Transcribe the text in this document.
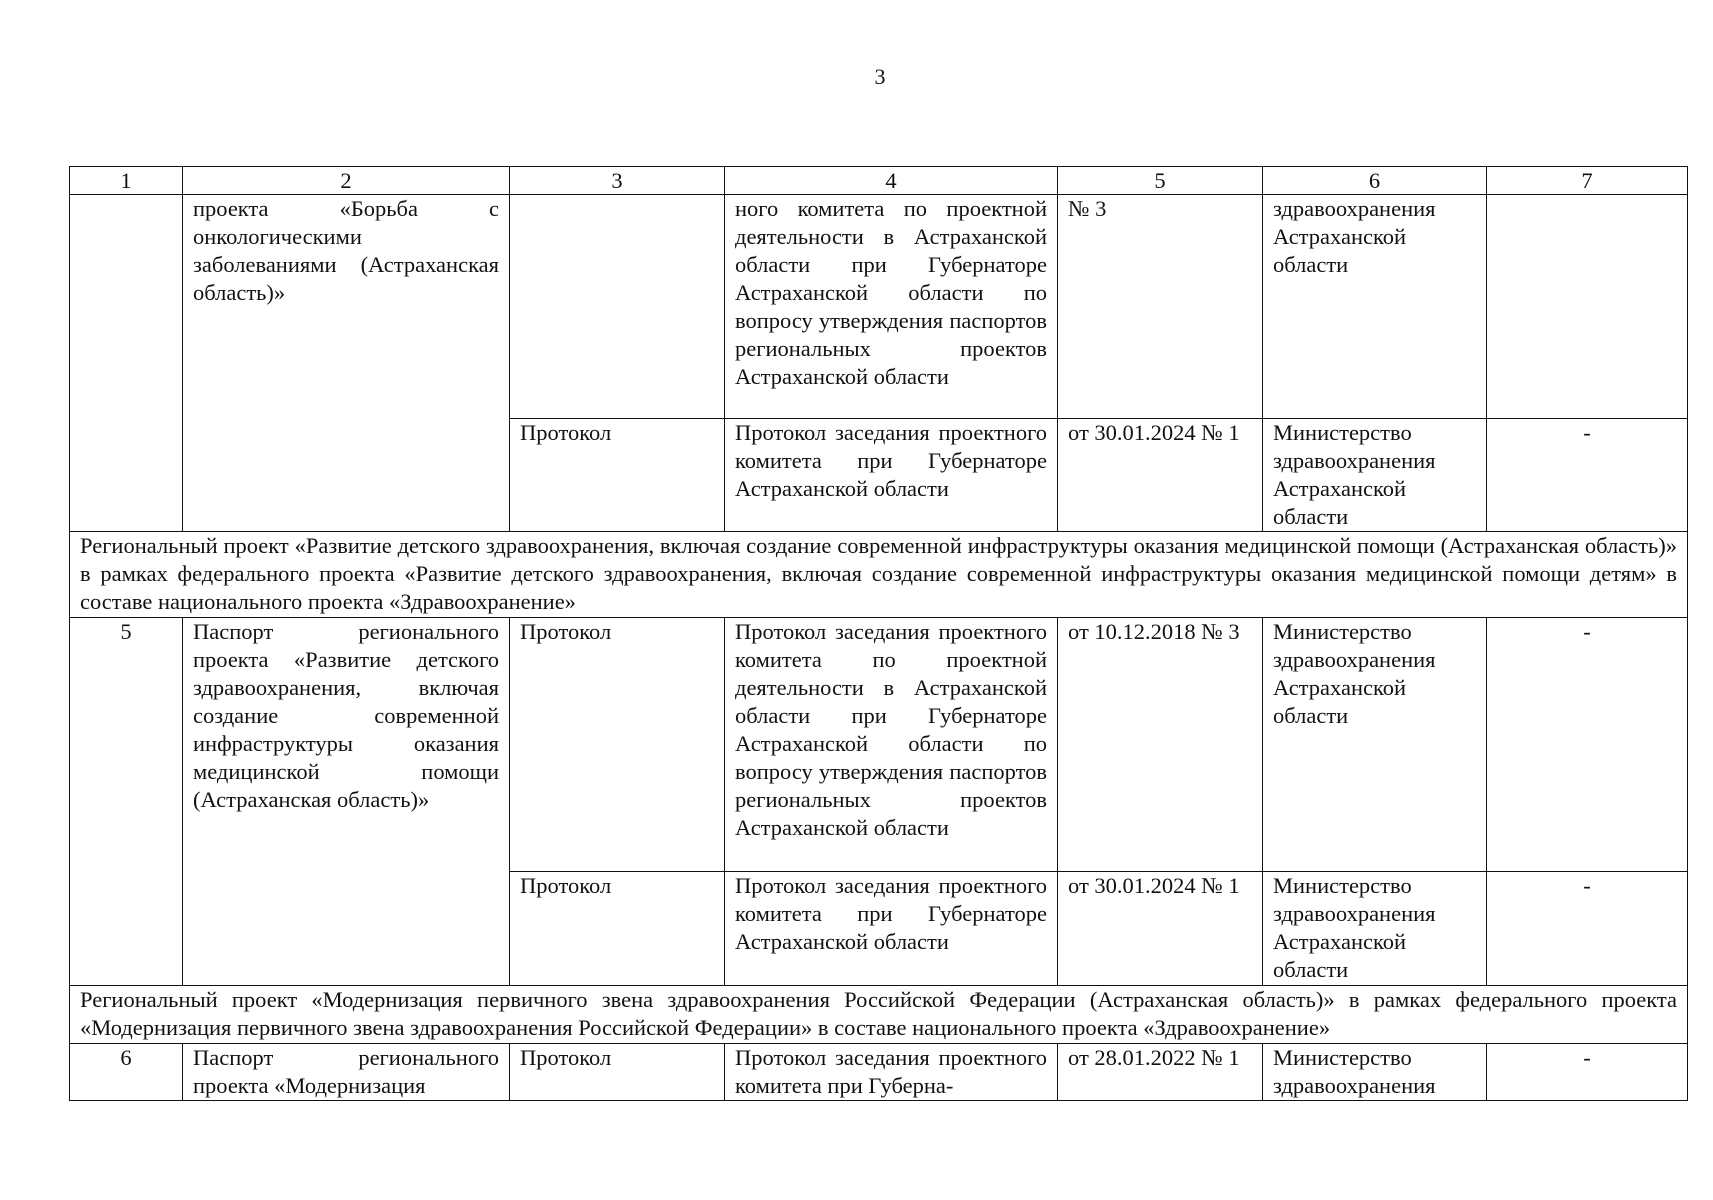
3
1	2	3	4	5	6	7
	проекта «Борьба с онкологическими заболеваниями (Астраханская область)»		ного комитета по проектной деятельности в Астраханской области при Губернаторе Астраханской области по вопросу утверждения паспортов региональных проектов Астраханской области	№ 3	здравоохранения Астраханской области	
		Протокол	Протокол заседания проектного комитета при Губернаторе Астраханской области	от 30.01.2024 № 1	Министерство здравоохранения Астраханской области	-
Региональный проект «Развитие детского здравоохранения, включая создание современной инфраструктуры оказания медицинской помощи (Астраханская область)» в рамках федерального проекта «Развитие детского здравоохранения, включая создание современной инфраструктуры оказания медицинской помощи детям» в составе национального проекта «Здравоохранение»						
5	Паспорт регионального проекта «Развитие детского здравоохранения, включая создание современной инфраструктуры оказания медицинской помощи (Астраханская область)»	Протокол	Протокол заседания проектного комитета по проектной деятельности в Астраханской области при Губернаторе Астраханской области по вопросу утверждения паспортов региональных проектов Астраханской области	от 10.12.2018 № 3	Министерство здравоохранения Астраханской области	-
		Протокол	Протокол заседания проектного комитета при Губернаторе Астраханской области	от 30.01.2024 № 1	Министерство здравоохранения Астраханской области	-
Региональный проект «Модернизация первичного звена здравоохранения Российской Федерации (Астраханская область)» в рамках федерального проекта «Модернизация первичного звена здравоохранения Российской Федерации» в составе национального проекта «Здравоохранение»						
6	Паспорт регионального проекта «Модернизация	Протокол	Протокол заседания проектного комитета при Губерна-	от 28.01.2022 № 1	Министерство здравоохранения	-
